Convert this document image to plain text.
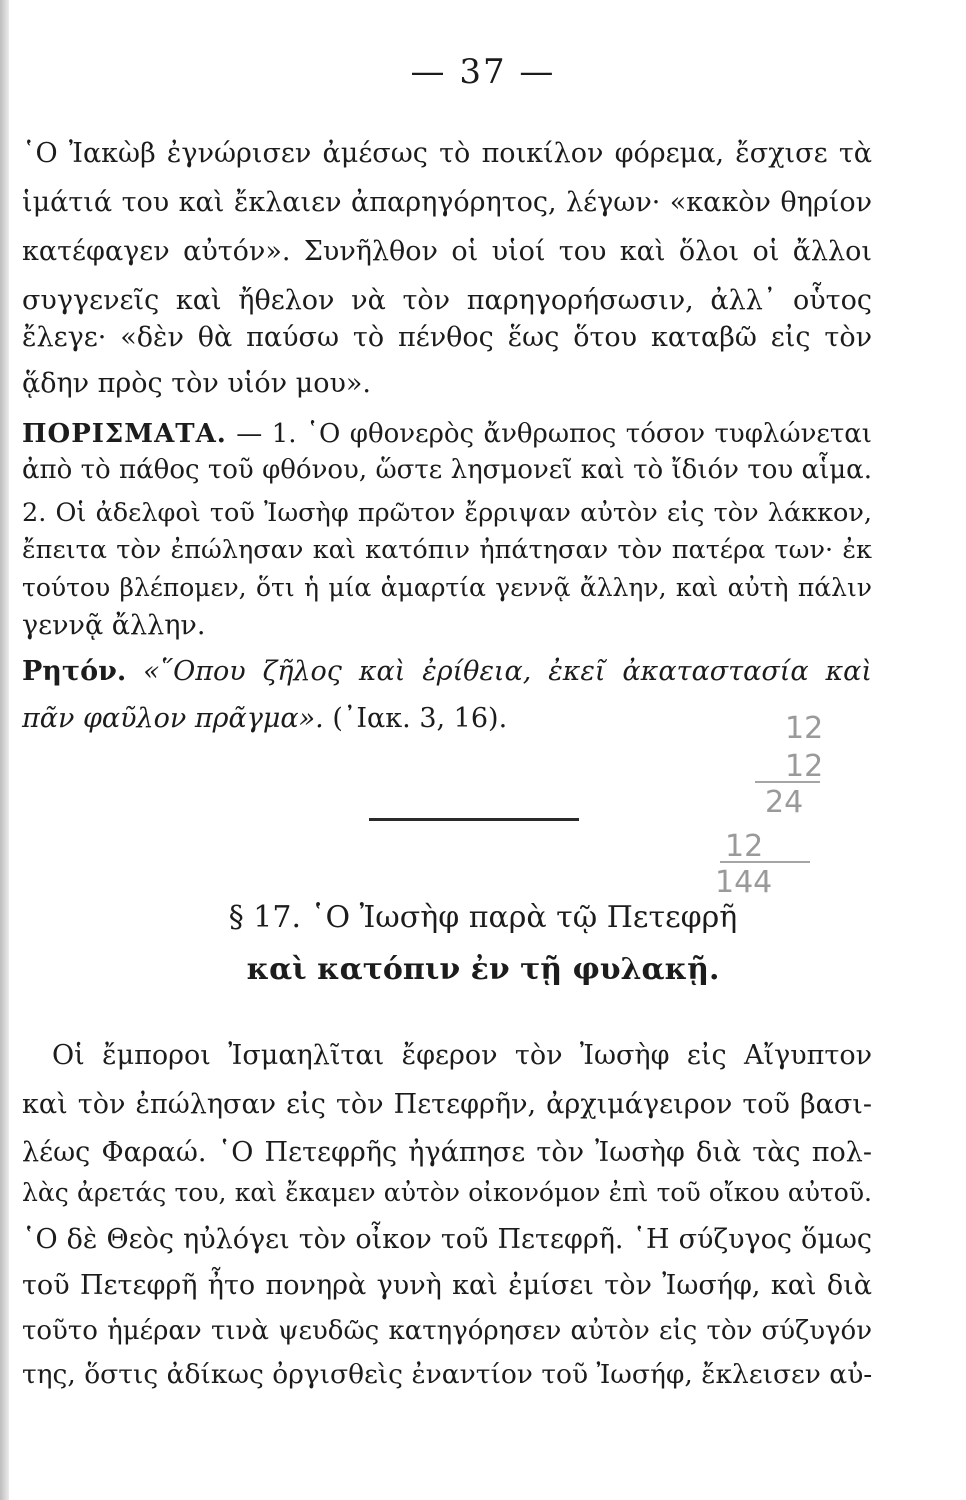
— 37 —
῾Ο Ἰακὼβ ἐγνώρισεν ἀμέσως τὸ ποικίλον φόρεμα, ἔσχισε τὰ
ἱμάτιά του καὶ ἔκλαιεν ἀπαρηγόρητος, λέγων· «κακὸν θηρίον
κατέφαγεν αὐτόν». Συνῆλθον οἱ υἱοί του καὶ ὅλοι οἱ ἄλλοι
συγγενεῖς καὶ ἤθελον νὰ τὸν παρηγορήσωσιν, ἀλλ᾽ οὗτος
ἔλεγε· «δὲν θὰ παύσω τὸ πένθος ἕως ὅτου καταβῶ εἰς τὸν
ᾅδην πρὸς τὸν υἱόν μου».
ΠΟΡΙΣΜΑΤΑ. — 1. ῾Ο φθονερὸς ἄνθρωπος τόσον τυφλώνεται
ἀπὸ τὸ πάθος τοῦ φθόνου, ὥστε λησμονεῖ καὶ τὸ ἴδιόν του αἷμα.
2. Οἱ ἀδελφοὶ τοῦ Ἰωσὴφ πρῶτον ἔρριψαν αὐτὸν εἰς τὸν λάκκον,
ἔπειτα τὸν ἐπώλησαν καὶ κατόπιν ἠπάτησαν τὸν πατέρα των· ἐκ
τούτου βλέπομεν, ὅτι ἡ μία ἁμαρτία γεννᾷ ἄλλην, καὶ αὐτὴ πάλιν
γεννᾷ ἄλλην.
Ρητόν. «῞Οπου ζῆλος καὶ ἐρίθεια, ἐκεῖ ἀκαταστασία καὶ
πᾶν φαῦλον πρᾶγμα». (᾽Ιακ. 3, 16).	12
12
24
12
144
§ 17. ῾Ο Ἰωσὴφ παρὰ τῷ Πετεφρῆ
καὶ κατόπιν ἐν τῇ φυλακῇ.
Οἱ ἔμποροι Ἰσμαηλῖται ἔφερον τὸν Ἰωσὴφ εἰς Αἴγυπτον
καὶ τὸν ἐπώλησαν εἰς τὸν Πετεφρῆν, ἀρχιμάγειρον τοῦ βασι-
λέως Φαραώ. ῾Ο Πετεφρῆς ἠγάπησε τὸν Ἰωσὴφ διὰ τὰς πολ-
λὰς ἀρετάς του, καὶ ἔκαμεν αὐτὸν οἰκονόμον ἐπὶ τοῦ οἴκου αὐτοῦ.
῾Ο δὲ Θεὸς ηὐλόγει τὸν οἶκον τοῦ Πετεφρῆ. ῾Η σύζυγος ὅμως
τοῦ Πετεφρῆ ἦτο πονηρὰ γυνὴ καὶ ἐμίσει τὸν Ἰωσήφ, καὶ διὰ
τοῦτο ἡμέραν τινὰ ψευδῶς κατηγόρησεν αὐτὸν εἰς τὸν σύζυγόν
της, ὅστις ἀδίκως ὀργισθεὶς ἐναντίον τοῦ Ἰωσήφ, ἔκλεισεν αὐ-
